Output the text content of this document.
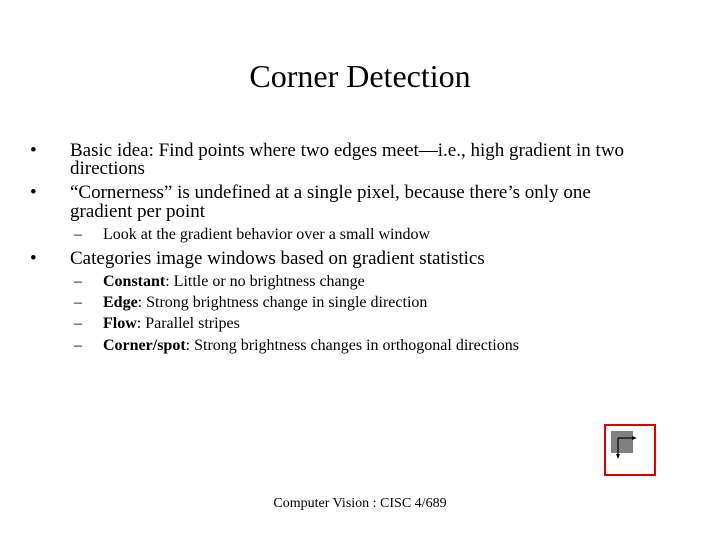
Corner Detection
• Basic idea: Find points where two edges meet—i.e., high gradient in two
directions
• “Cornerness” is undefined at a single pixel, because there’s only one
gradient per point
– Look at the gradient behavior over a small window
• Categories image windows based on gradient statistics
– Constant: Little or no brightness change
– Edge: Strong brightness change in single direction
– Flow: Parallel stripes
– Corner/spot: Strong brightness changes in orthogonal directions
Computer Vision : CISC 4/689
